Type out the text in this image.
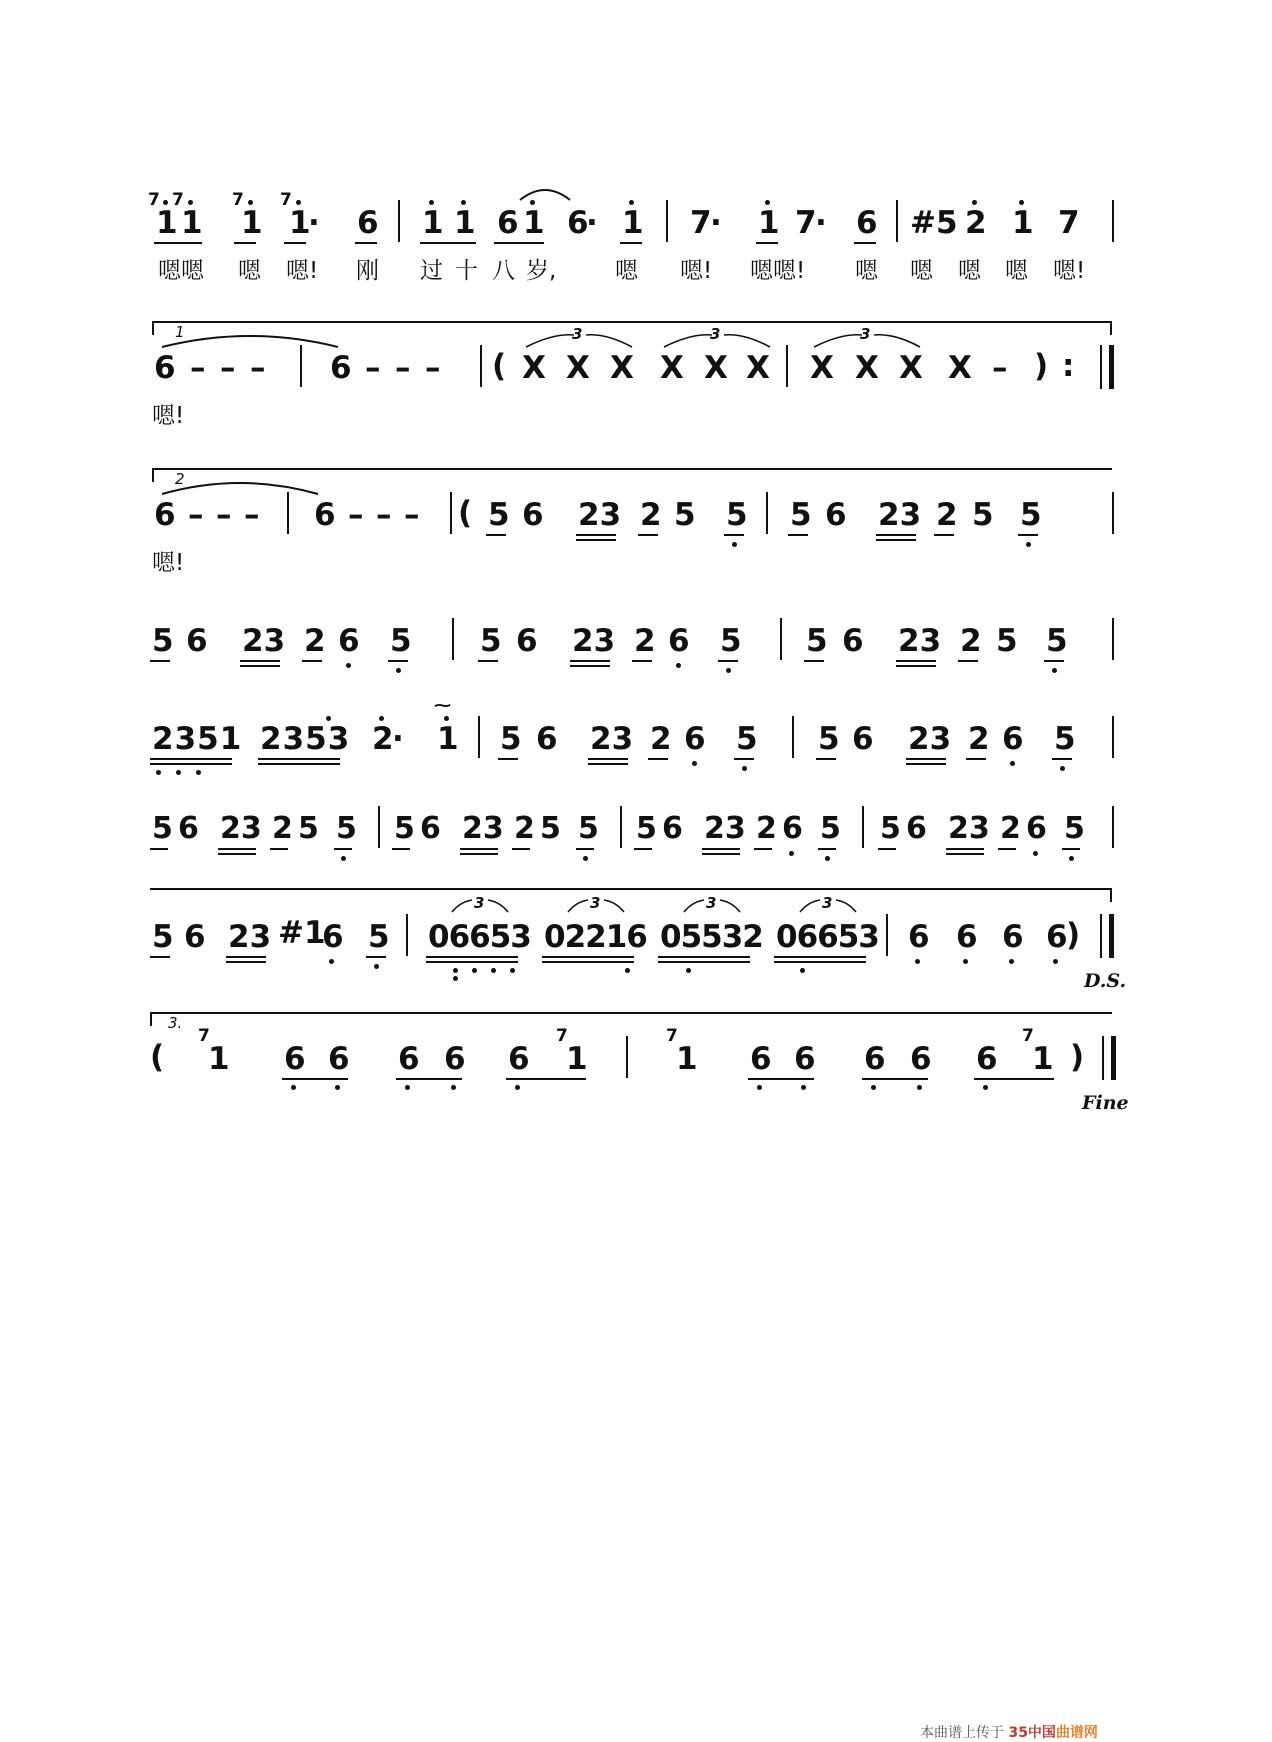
7
1
7
1
7
1
7
1
· 6 1 1 6 1 6
· 1 7
· 1 7
· 6 #5 2 1 7
嗯嗯 嗯 嗯! 刚 过 十 八 岁,	嗯 嗯! 嗯嗯! 嗯 嗯 嗯 嗯 嗯!
1
6 – – – 6 – – – ( X X X X X X
3	3
X X X X – )
3
:
嗯!
2
6 – – – 6 – – – ( 5 6 23 2 5 5 5 6 23 2 5 5
嗯!
5 6 23 2 6 5 5 6 23 2 6 5 5 6 23 2 5 5
2351 2353 2
· 1
⁓
5 6 23 2 6 5 5 6 23 2 6 5
5 6 23 2 5 5 5 6 23 2 5 5 5 6 23 2 6 5 5 6 23 2 6 5
5 6 23 #1
6 5 06653 02216 05532 06653
3	3	3	3
6 6 6 6
)
D.S.
3.
(
7
1 6 6 6 6 6
7
1
7
1 6 6 6 6 6
7
1 )
Fine
本曲谱上传于 35中国曲谱网
